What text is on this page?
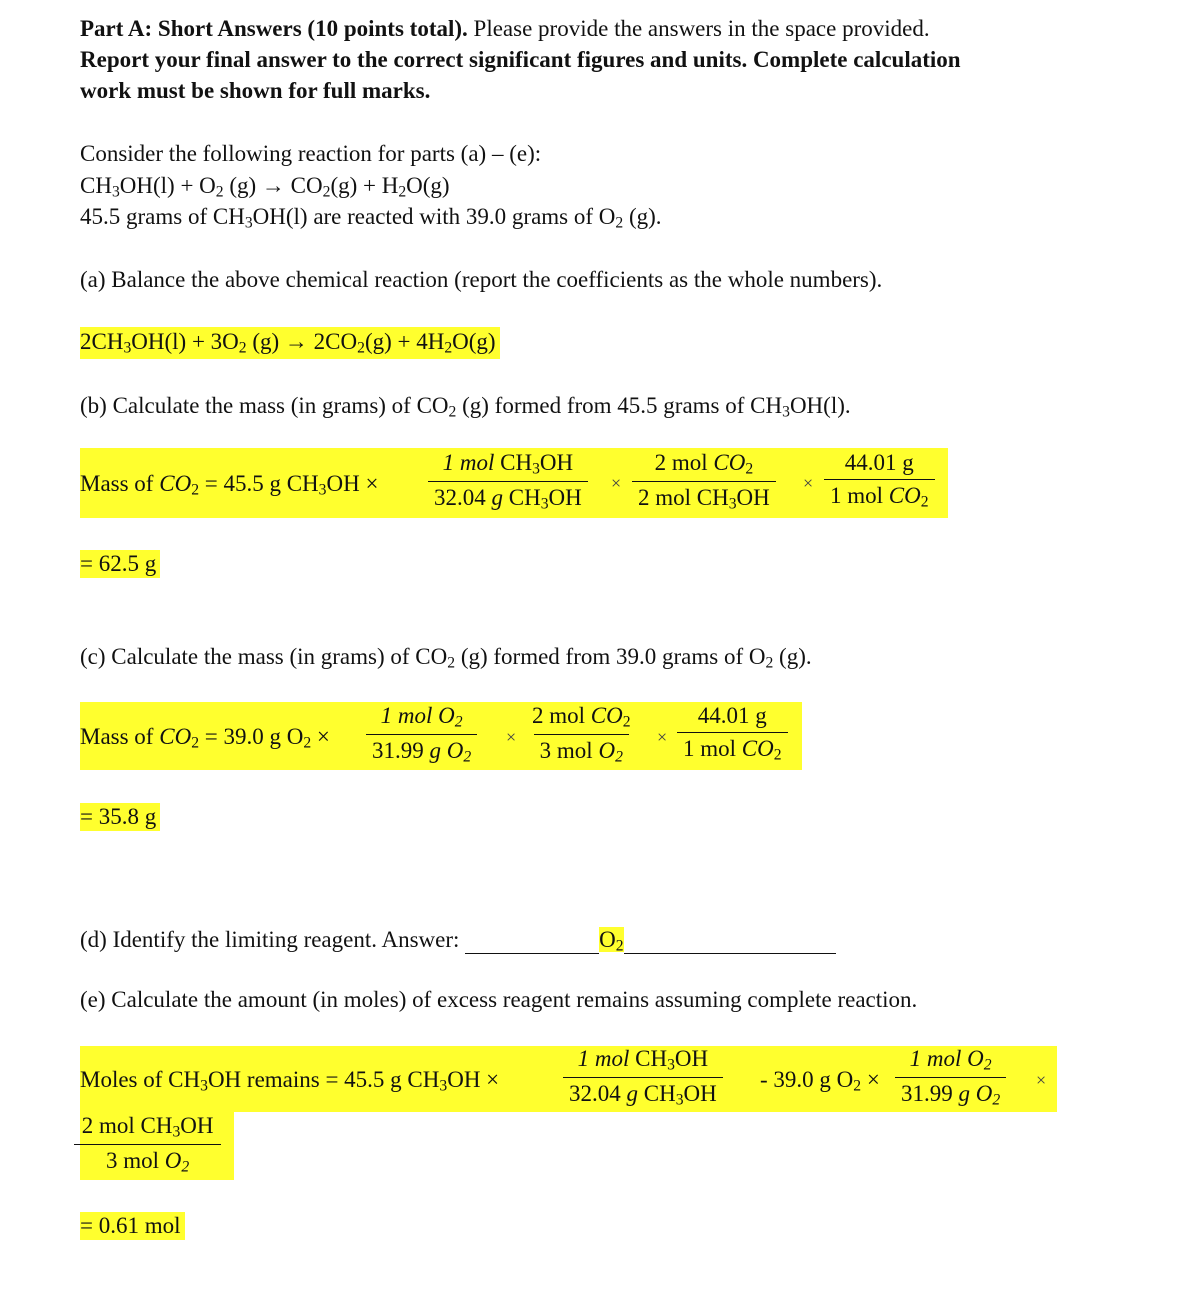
Part A: Short Answers (10 points total). Please provide the answers in the space provided.
Report your final answer to the correct significant figures and units. Complete calculation
work must be shown for full marks.
Consider the following reaction for parts (a) – (e):
$CH_3OH(l) + O_2$ $(g) \to CO_2(g) + H_2O(g)$
45.5 grams of $CH_3OH(l)$ are reacted with 39.0 grams of $O_2$ (g).
(a) Balance the above chemical reaction (report the coefficients as the whole numbers).
$2CH_3OH(l) + 3O_2$ $(g) \to 2CO_2(g) + 4H_2O(g)$
(b) Calculate the mass (in grams) of $CO_2$ (g) formed from 45.5 grams of $CH_3OH(l)$.
Mass of $CO_2 = 45.5$ g $CH_3OH$ ×
1 mol $CH_3OH$
32.04 g $CH_3OH$
×
2 mol $CO_2$
2 mol $CH_3OH$
×
44.01 g
1 mol $CO_2$
= 62.5 g
(c) Calculate the mass (in grams) of $CO_2$ (g) formed from 39.0 grams of $O_2$ (g).
Mass of $CO_2 = 39.0$ g $O_2$ ×
1 mol $O_2$
31.99 g $O_2$
×
2 mol $CO_2$
3 mol $O_2$
×
44.01 g
1 mol $CO_2$
= 35.8 g
(d) Identify the limiting reagent. Answer:	$O_2$
(e) Calculate the amount (in moles) of excess reagent remains assuming complete reaction.
Moles of $CH_3OH$ remains = 45.5 g $CH_3OH$ ×
1 mol $CH_3OH$
32.04 g $CH_3OH$
- 39.0 g $O_2$ ×
1 mol $O_2$
31.99 g $O_2$
×
2 mol $CH_3OH$
3 mol $O_2$
= 0.61 mol
